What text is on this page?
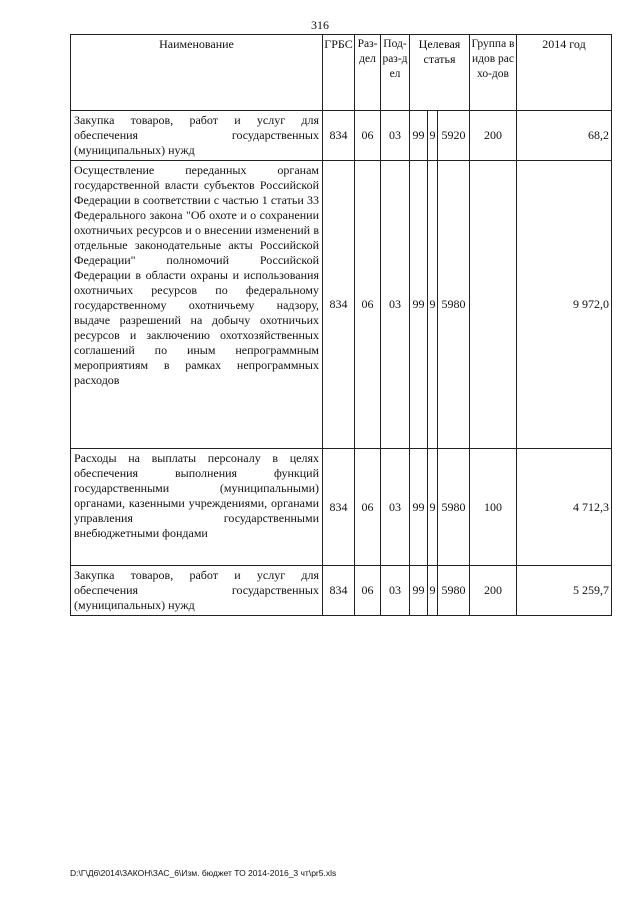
316
Наименование	ГРБС	Раз-дел	Под-раз-дел	Целевая статья			Группа видов расхо-дов	2014 год
Закупка товаров, работ и услуг для обеспечения государственных (муниципальных) нужд	834	06	03	99	9	5920	200	68,2
Осуществление переданных органам государственной власти субъектов Российской Федерации в соответствии с частью 1 статьи 33 Федерального закона "Об охоте и о сохранении охотничьих ресурсов и о внесении изменений в отдельные законодательные акты Российской Федерации" полномочий Российской Федерации в области охраны и использования охотничьих ресурсов по федеральному государственному охотничьему надзору, выдаче разрешений на добычу охотничьих ресурсов и заключению охотхозяйственных соглашений по иным непрограммным мероприятиям в рамках непрограммных расходов	834	06	03	99	9	5980		9 972,0
Расходы на выплаты персоналу в целях обеспечения выполнения функций государственными (муниципальными) органами, казенными учреждениями, органами управления государственными внебюджетными фондами	834	06	03	99	9	5980	100	4 712,3
Закупка товаров, работ и услуг для обеспечения государственных (муниципальных) нужд	834	06	03	99	9	5980	200	5 259,7
D:\Г\Д6\2014\ЗАКОН\ЗАС_6\Изм. бюджет ТО 2014-2016_3 чт\pr5.xls
